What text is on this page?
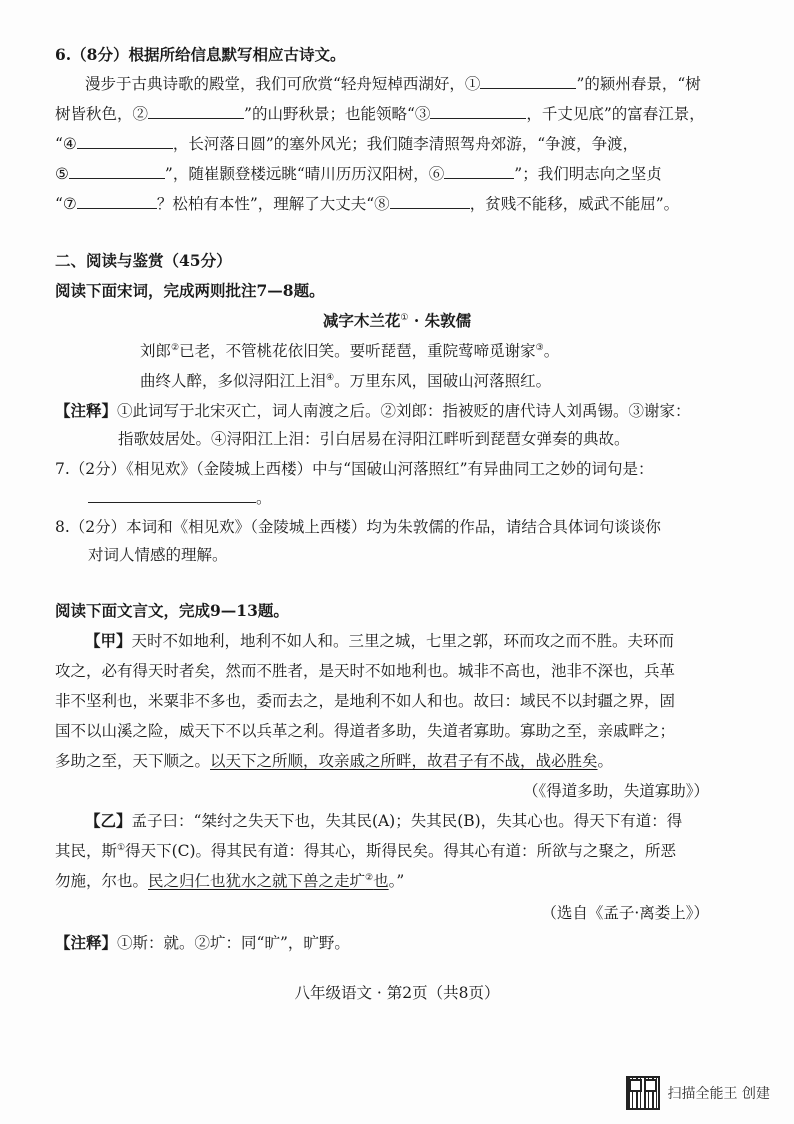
6.（8分）根据所给信息默写相应古诗文。
漫步于古典诗歌的殿堂，我们可欣赏“轻舟短棹西湖好，①	”的颍州春景，“树
树皆秋色，②	”的山野秋景；也能领略“③	，千丈见底”的富春江景，
“④	，长河落日圆”的塞外风光；我们随李清照驾舟郊游，“争渡，争渡，
⑤	”，随崔颢登楼远眺“晴川历历汉阳树，⑥	”；我们明志向之坚贞
“⑦	？松柏有本性”，理解了大丈夫“⑧	，贫贱不能移，威武不能屈”。
二、阅读与鉴赏（45分）
阅读下面宋词，完成两则批注7—8题。
减字木兰花① · 朱敦儒
刘郎②已老，不管桃花依旧笑。要听琵琶，重院莺啼觅谢家③。
曲终人醉，多似浔阳江上泪④。万里东风，国破山河落照红。
【注释】①此词写于北宋灭亡，词人南渡之后。②刘郎：指被贬的唐代诗人刘禹锡。③谢家：
指歌妓居处。④浔阳江上泪：引白居易在浔阳江畔听到琵琶女弹奏的典故。
7.（2分）《相见欢》（金陵城上西楼）中与“国破山河落照红”有异曲同工之妙的词句是：
。
8.（2分）本词和《相见欢》（金陵城上西楼）均为朱敦儒的作品，请结合具体词句谈谈你
对词人情感的理解。
阅读下面文言文，完成9—13题。
【甲】天时不如地利，地利不如人和。三里之城，七里之郭，环而攻之而不胜。夫环而
攻之，必有得天时者矣，然而不胜者，是天时不如地利也。城非不高也，池非不深也，兵革
非不坚利也，米粟非不多也，委而去之，是地利不如人和也。故曰：域民不以封疆之界，固
国不以山溪之险，威天下不以兵革之利。得道者多助，失道者寡助。寡助之至，亲戚畔之；
多助之至，天下顺之。以天下之所顺，攻亲戚之所畔，故君子有不战，战必胜矣。
（《得道多助，失道寡助》）
【乙】孟子曰：“桀纣之失天下也，失其民(A)；失其民(B)，失其心也。得天下有道：得
其民，斯①得天下(C)。得其民有道：得其心，斯得民矣。得其心有道：所欲与之聚之，所恶
勿施，尔也。民之归仁也犹水之就下兽之走圹②也。”
（选自《孟子·离娄上》）
【注释】①斯：就。②圹：同“旷”，旷野。
八年级语文 · 第2页（共8页）
扫描全能王 创建
